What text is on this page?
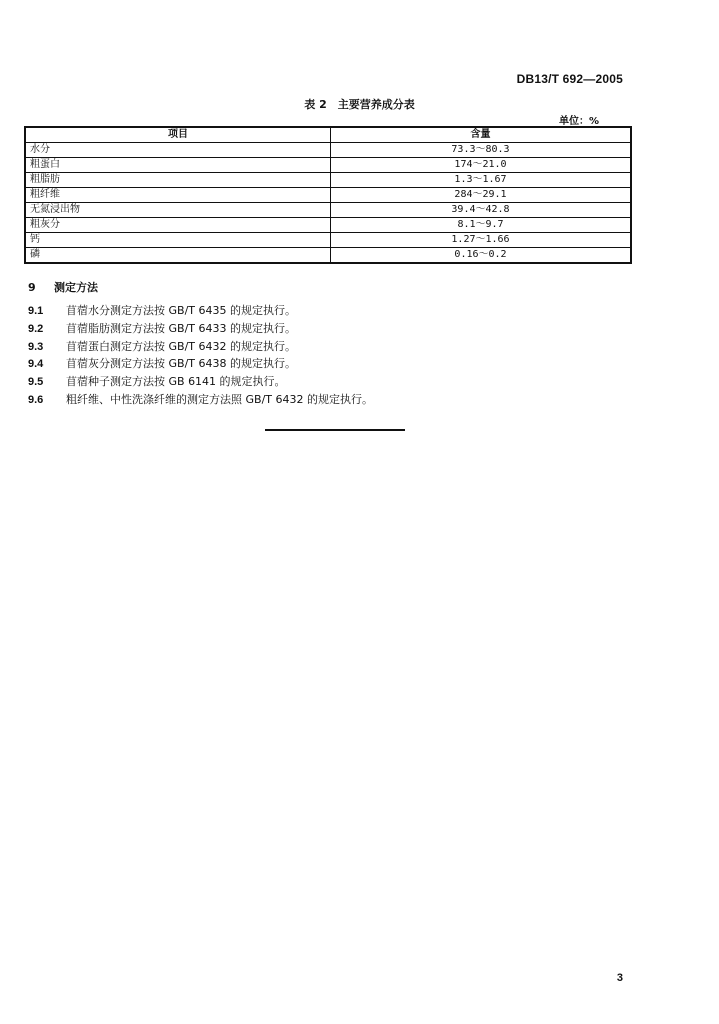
DB13/T 692—2005
表 2　主要营养成分表
单位：%
项目	含量
水分	73.3～80.3
粗蛋白	174～21.0
粗脂肪	1.3～1.67
粗纤维	284～29.1
无氮浸出物	39.4～42.8
粗灰分	8.1～9.7
钙	1.27～1.66
磷	0.16～0.2
9 测定方法
9.1 苜蓿水分测定方法按 GB/T 6435 的规定执行。
9.2 苜蓿脂肪测定方法按 GB/T 6433 的规定执行。
9.3 苜蓿蛋白测定方法按 GB/T 6432 的规定执行。
9.4 苜蓿灰分测定方法按 GB/T 6438 的规定执行。
9.5 苜蓿种子测定方法按 GB 6141 的规定执行。
9.6 粗纤维、中性洗涤纤维的测定方法照 GB/T 6432 的规定执行。
3
